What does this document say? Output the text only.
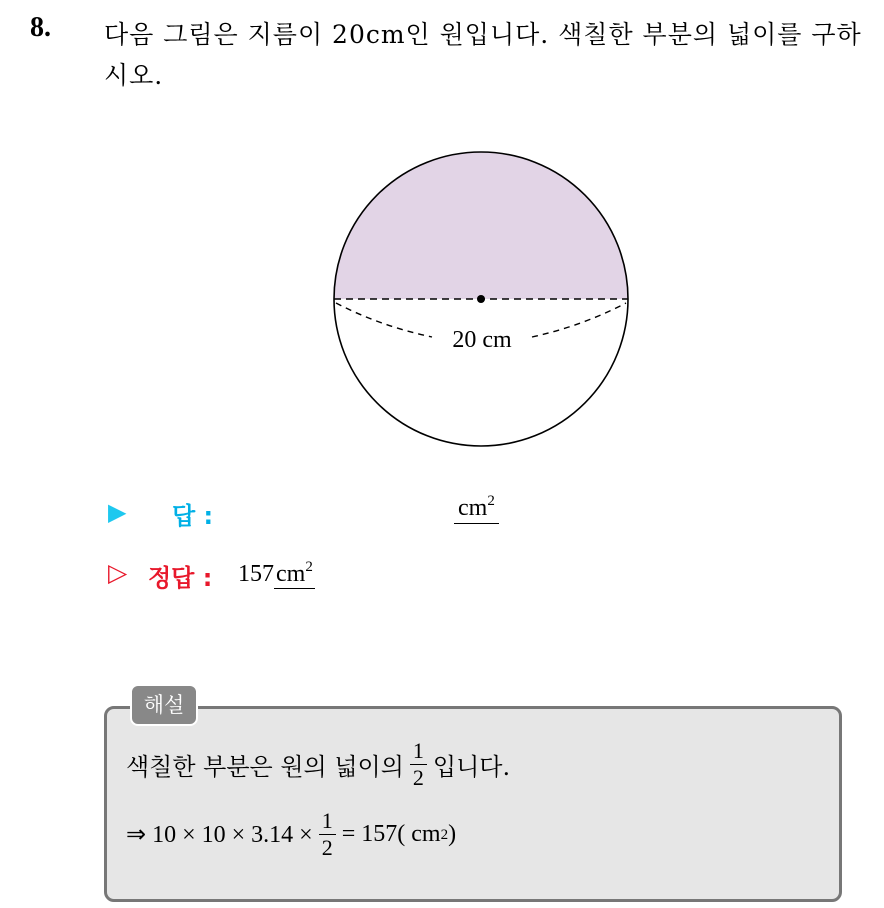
8. 다음 그림은 지름이 20cm인 원입니다. 색칠한 부분의 넓이를 구하시오.
20 cm
▶ 답 :	$cm^2$
▷ 정답 : $157cm^2$
해설
색칠한 부분은 원의 넓이의 $\frac{1}{2}$ 입니다.
⇒ $10 \times 10 \times 3.14 \times \frac{1}{2} = 157$( cm 2 )
